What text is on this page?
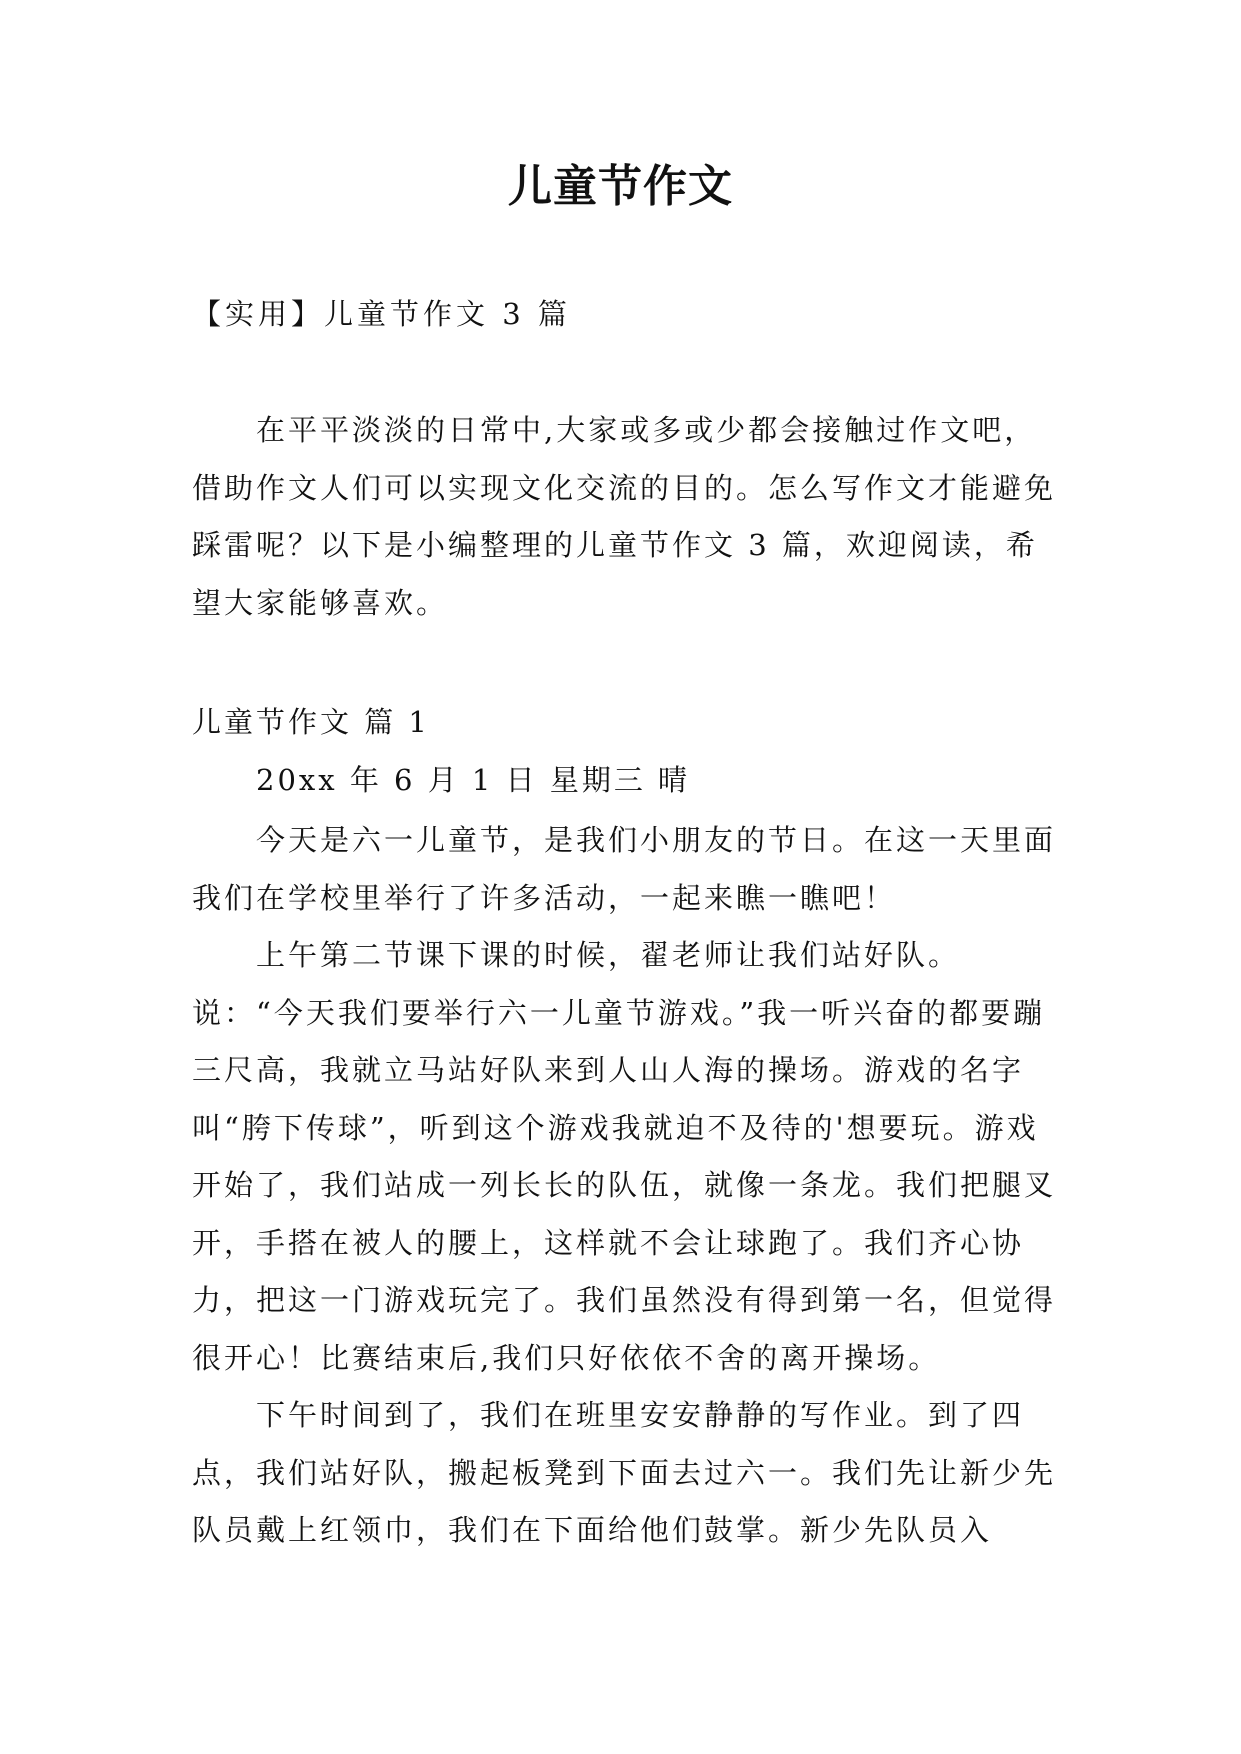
儿童节作文

【实用】儿童节作文 3 篇

在平平淡淡的日常中,大家或多或少都会接触过作文吧，借助作文人们可以实现文化交流的目的。怎么写作文才能避免踩雷呢？以下是小编整理的儿童节作文 3 篇，欢迎阅读，希望大家能够喜欢。

儿童节作文 篇 1

20xx 年 6 月 1 日 星期三 晴

今天是六一儿童节，是我们小朋友的节日。在这一天里面我们在学校里举行了许多活动，一起来瞧一瞧吧！

上午第二节课下课的时候，翟老师让我们站好队。说：“今天我们要举行六一儿童节游戏。”我一听兴奋的都要蹦三尺高，我就立马站好队来到人山人海的操场。游戏的名字叫“胯下传球”，听到这个游戏我就迫不及待的'想要玩。游戏开始了，我们站成一列长长的队伍，就像一条龙。我们把腿叉开，手搭在被人的腰上，这样就不会让球跑了。我们齐心协力，把这一门游戏玩完了。我们虽然没有得到第一名，但觉得很开心！比赛结束后,我们只好依依不舍的离开操场。

下午时间到了，我们在班里安安静静的写作业。到了四点，我们站好队，搬起板凳到下面去过六一。我们先让新少先队员戴上红领巾，我们在下面给他们鼓掌。新少先队员入
